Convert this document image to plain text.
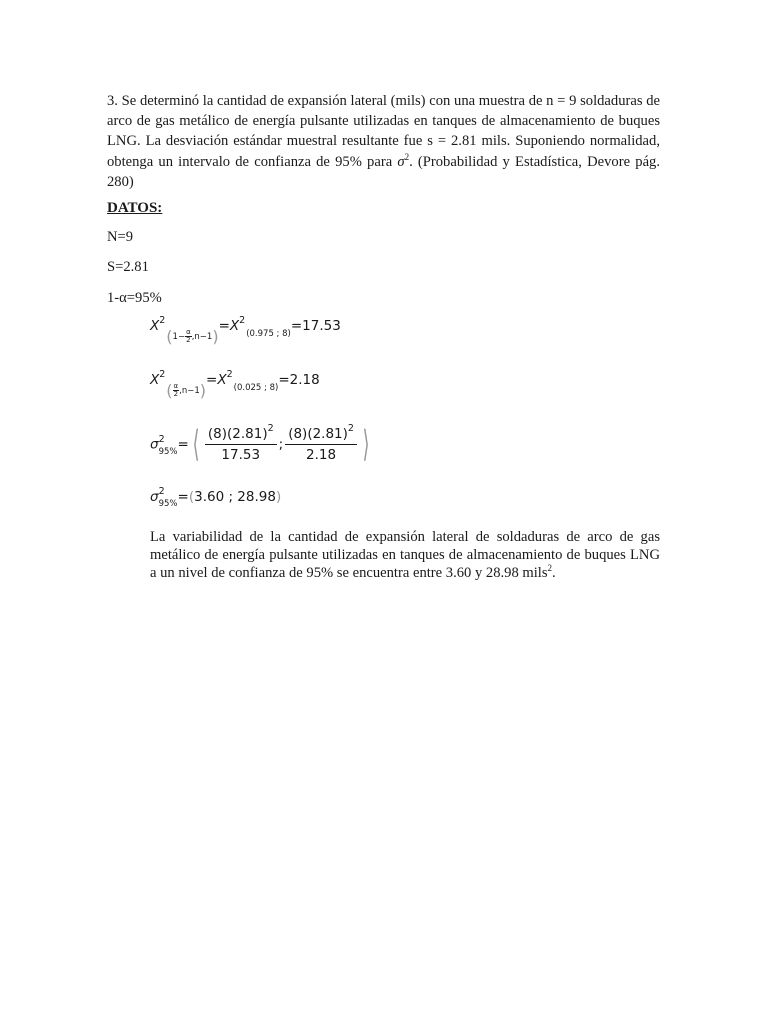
3. Se determinó la cantidad de expansión lateral (mils) con una muestra de n = 9 soldaduras de arco de gas metálico de energía pulsante utilizadas en tanques de almacenamiento de buques LNG. La desviación estándar muestral resultante fue s = 2.81 mils. Suponiendo normalidad, obtenga un intervalo de confianza de 95% para $\sigma^2$. (Probabilidad y Estadística, Devore pág. 280)

DATOS:
N=9
S=2.81
1-α=95%
$X^2(1- \frac{\alpha}{2} ,n-1)=X^2(0.975$ ; 8)=17.53
$X^2( \frac{\alpha}{2} ,n-1)=X^2(0.025$ ; 8)=2.18
$\sigma^2_{95\%}=⟨ \frac{(8)(2.81)^2}{17.53}$ ; $\frac{(8)(2.81)^2}{2.18}$ ⟩
$\sigma^2_{95\%}=(3.60$ ; 28.98)

La variabilidad de la cantidad de expansión lateral de soldaduras de arco de gas metálico de energía pulsante utilizadas en tanques de almacenamiento de buques LNG a un nivel de confianza de 95% se encuentra entre 3.60 y 28.98 mils$^2$.
